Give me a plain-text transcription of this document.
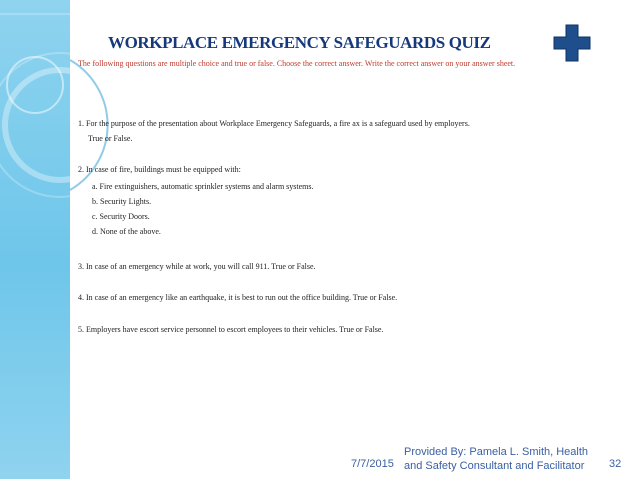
WORKPLACE EMERGENCY SAFEGUARDS QUIZ
The following questions are multiple choice and true or false. Choose the correct answer. Write the correct answer on your answer sheet.
1. For the purpose of the presentation about Workplace Emergency Safeguards, a fire ax is a safeguard used by employers.
True or False.
2. In case of fire, buildings must be equipped with:
a. Fire extinguishers, automatic sprinkler systems and alarm systems.
b. Security Lights.
c. Security Doors.
d. None of the above.
3. In case of an emergency while at work, you will call 911. True or False.
4. In case of an emergency like an earthquake, it is best to run out the office building. True or False.
5. Employers have escort service personnel to escort employees to their vehicles. True or False.
7/7/2015
Provided By: Pamela L. Smith, Health
and Safety Consultant and Facilitator	32
